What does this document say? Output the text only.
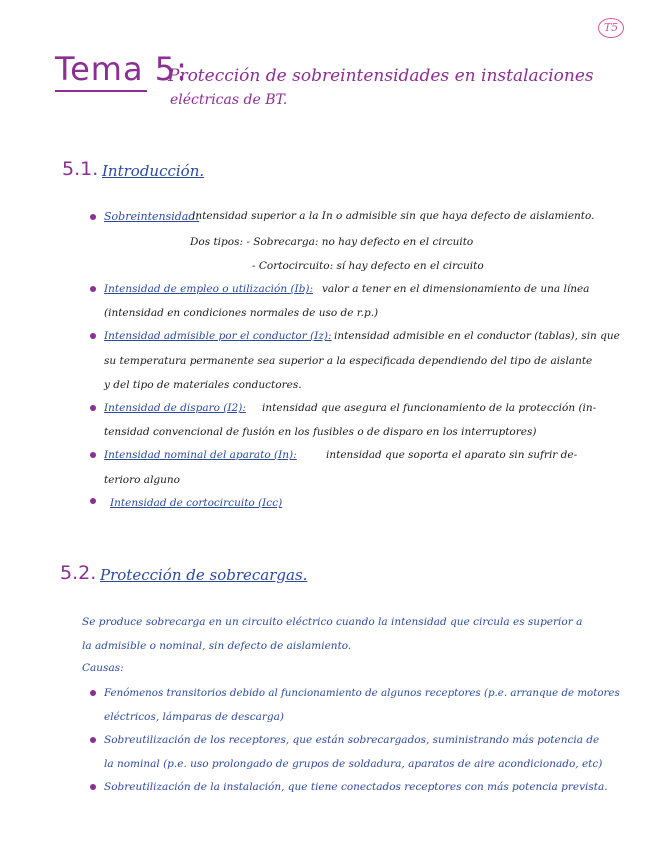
T5
Tema 5:
Protección de sobreintensidades en instalaciones
eléctricas de BT.
5.1. Introducción.
Sobreintensidad:
intensidad superior a la In o admisible sin que haya defecto de aislamiento.
Dos tipos: - Sobrecarga: no hay defecto en el circuito
- Cortocircuito: sí hay defecto en el circuito
Intensidad de empleo o utilización (Ib): valor a tener en el dimensionamiento de una línea
(intensidad en condiciones normales de uso de r.p.)
Intensidad admisible por el conductor (Iz): intensidad admisible en el conductor (tablas), sin que
su temperatura permanente sea superior a la especificada dependiendo del tipo de aislante
y del tipo de materiales conductores.
Intensidad de disparo (I2): intensidad que asegura el funcionamiento de la protección (in-
tensidad convencional de fusión en los fusibles o de disparo en los interruptores)
Intensidad nominal del aparato (In):	intensidad que soporta el aparato sin sufrir de-
terioro alguno
Intensidad de cortocircuito (Icc)
5.2. Protección de sobrecargas.
Se produce sobrecarga en un circuito eléctrico cuando la intensidad que circula es superior a
la admisible o nominal, sin defecto de aislamiento.
Causas:
Fenómenos transitorios debido al funcionamiento de algunos receptores (p.e. arranque de motores
eléctricos, lámparas de descarga)
Sobreutilización de los receptores, que están sobrecargados, suministrando más potencia de
la nominal (p.e. uso prolongado de grupos de soldadura, aparatos de aire acondicionado, etc)
Sobreutilización de la instalación, que tiene conectados receptores con más potencia prevista.
